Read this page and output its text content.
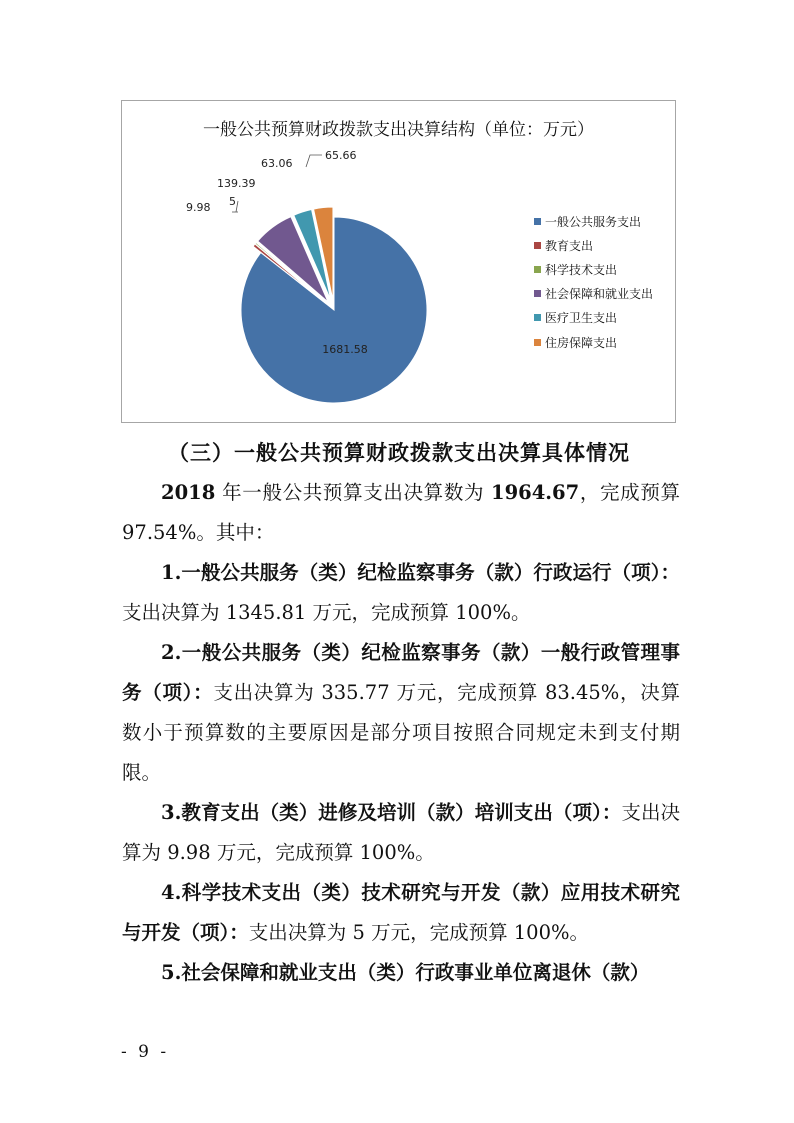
一般公共预算财政拨款支出决算结构（单位：万元）
1681.58
9.98 5
139.39
63.06
65.66
一般公共服务支出
教育支出
科学技术支出
社会保障和就业支出
医疗卫生支出
住房保障支出
（三）一般公共预算财政拨款支出决算具体情况

2018 年一般公共预算支出决算数为 1964.67，完成预算97.54%。其中：

1.一般公共服务（类）纪检监察事务（款）行政运行（项）：支出决算为 1345.81 万元，完成预算 100%。

2.一般公共服务（类）纪检监察事务（款）一般行政管理事务（项）：支出决算为 335.77 万元，完成预算 83.45%，决算数小于预算数的主要原因是部分项目按照合同规定未到支付期限。

3.教育支出（类）进修及培训（款）培训支出（项）：支出决算为 9.98 万元，完成预算 100%。

4.科学技术支出（类）技术研究与开发（款）应用技术研究与开发（项）：支出决算为 5 万元，完成预算 100%。

5.社会保障和就业支出（类）行政事业单位离退休（款）

- 9 -
